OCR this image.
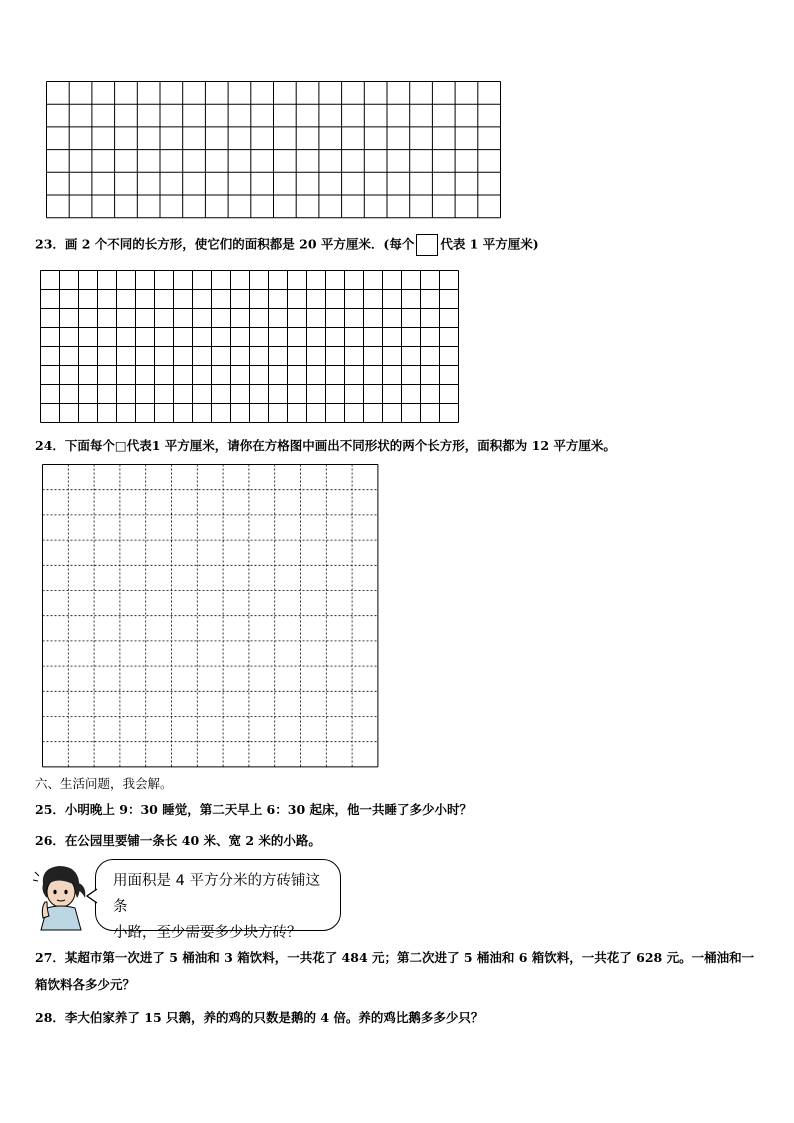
23．画 2 个不同的长方形，使它们的面积都是 20 平方厘米．(每个 代表 1 平方厘米)
24．下面每个□代表1 平方厘米，请你在方格图中画出不同形状的两个长方形，面积都为 12 平方厘米。
六、生活问题，我会解。
25．小明晚上 9：30 睡觉，第二天早上 6：30 起床，他一共睡了多少小时？
26．在公园里要铺一条长 40 米、宽 2 米的小路。
用面积是 4 平方分米的方砖铺这条
小路，至少需要多少块方砖？
27．某超市第一次进了 5 桶油和 3 箱饮料，一共花了 484 元；第二次进了 5 桶油和 6 箱饮料，一共花了 628 元。一桶油和一箱饮料各多少元？
28．李大伯家养了 15 只鹅，养的鸡的只数是鹅的 4 倍。养的鸡比鹅多多少只？
